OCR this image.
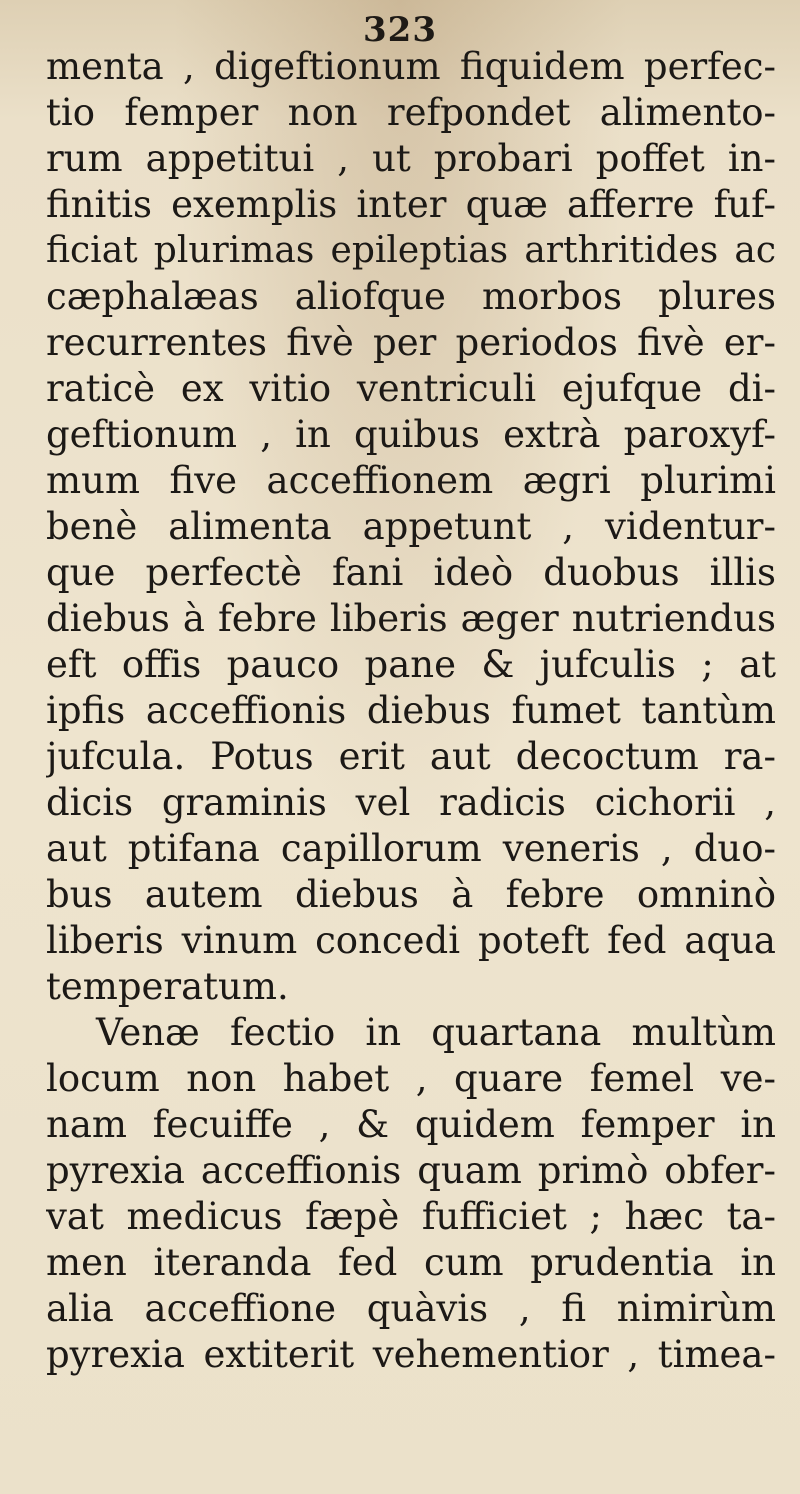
323
menta , digeftionum fiquidem perfec-
tio femper non refpondet alimento-
rum appetitui , ut probari poffet in-
finitis exemplis inter quæ afferre fuf-
ficiat plurimas epileptias arthritides ac
cæphalæas aliofque morbos plures
recurrentes fivè per periodos fivè er-
raticè ex vitio ventriculi ejufque di-
geftionum , in quibus extrà paroxyf-
mum five acceffionem ægri plurimi
benè alimenta appetunt , videntur-
que perfectè fani ideò duobus illis
diebus à febre liberis æger nutriendus
eft offis pauco pane & jufculis ; at
ipfis acceffionis diebus fumet tantùm
jufcula. Potus erit aut decoctum ra-
dicis graminis vel radicis cichorii ,
aut ptifana capillorum veneris , duo-
bus autem diebus à febre omninò
liberis vinum concedi poteft fed aqua
temperatum.
Venæ fectio in quartana multùm
locum non habet , quare femel ve-
nam fecuiffe , & quidem femper in
pyrexia acceffionis quam primò obfer-
vat medicus fæpè fufficiet ; hæc ta-
men iteranda fed cum prudentia in
alia acceffione quàvis , fi nimirùm
pyrexia extiterit vehementior , timea-
